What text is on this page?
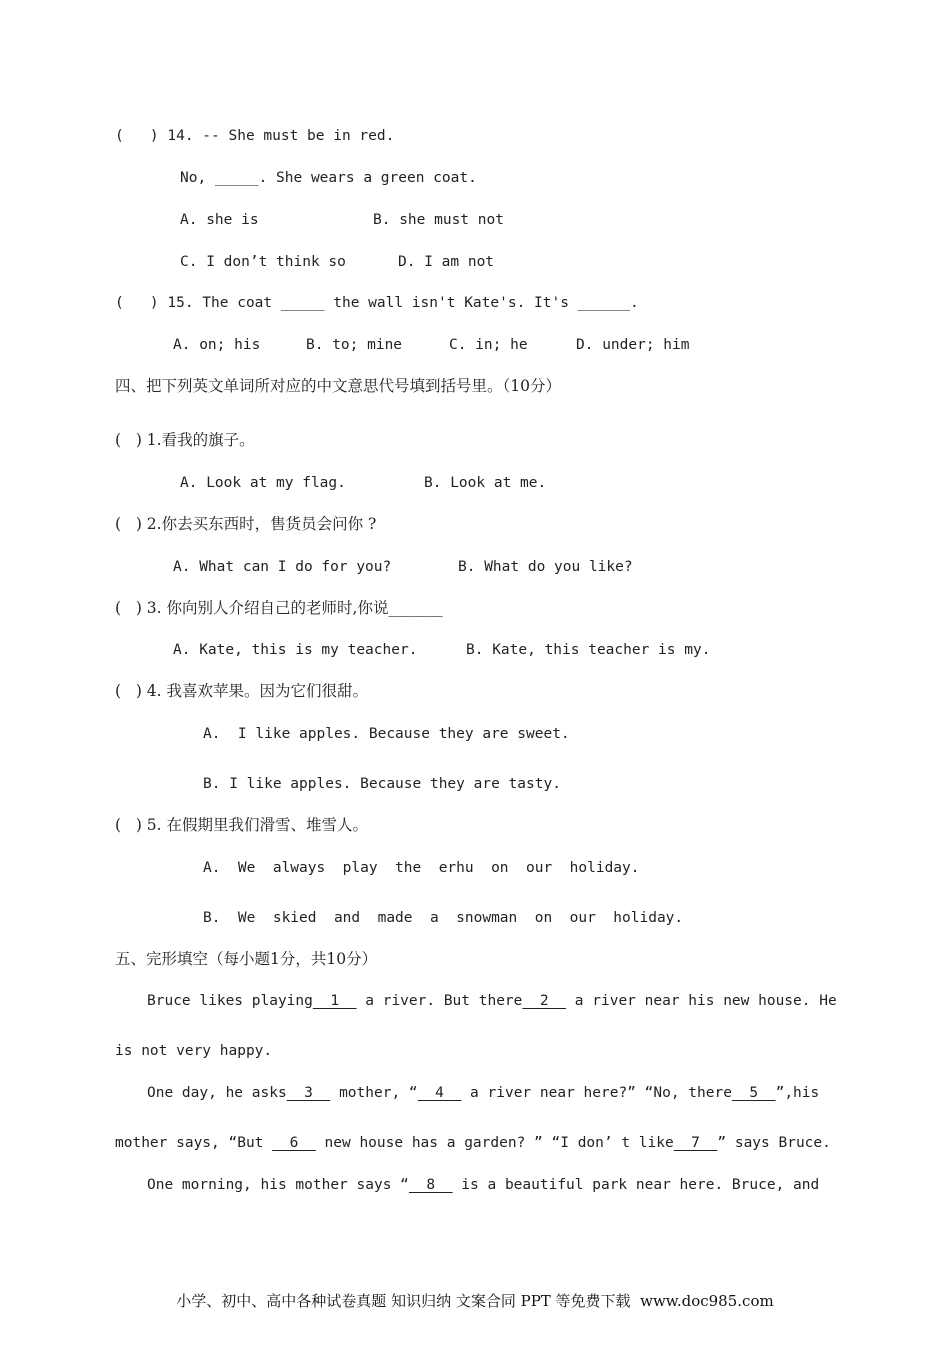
(   ) 14. -- She must be in red.
No, _____. She wears a green coat.
A. she is	B. she must not
C. I don’t think so	D. I am not
(   ) 15. The coat _____ the wall isn't Kate's. It's ______.
A. on; his	B. to; mine	C. in; he	D. under; him
四、把下列英文单词所对应的中文意思代号填到括号里。（10分）
(   ) 1.看我的旗子。
A. Look at my flag.	B. Look at me.
(   ) 2.你去买东西时，售货员会问你 ?
A. What can I do for you?	B. What do you like?
(   ) 3. 你向别人介绍自己的老师时,你说_______
A. Kate, this is my teacher.	B. Kate, this teacher is my.
(   ) 4. 我喜欢苹果。因为它们很甜。
A.  I like apples. Because they are sweet.
B. I like apples. Because they are tasty.
(   ) 5. 在假期里我们滑雪、堆雪人。
A.  We  always  play  the  erhu  on  our  holiday.
B.  We  skied  and  made  a  snowman  on  our  holiday.
五、完形填空（每小题1分，共10分）
Bruce likes playing  1   a river. But there  2   a river near his new house. He
is not very happy.
One day, he asks  3   mother, “  4   a river near here?” “No, there  5  ”,his
mother says, “But   6   new house has a garden? ” “I don’ t like  7  ” says Bruce.
One morning, his mother says “  8   is a beautiful park near here. Bruce, and
小学、初中、高中各种试卷真题 知识归纳 文案合同 PPT 等免费下载  www.doc985.com
